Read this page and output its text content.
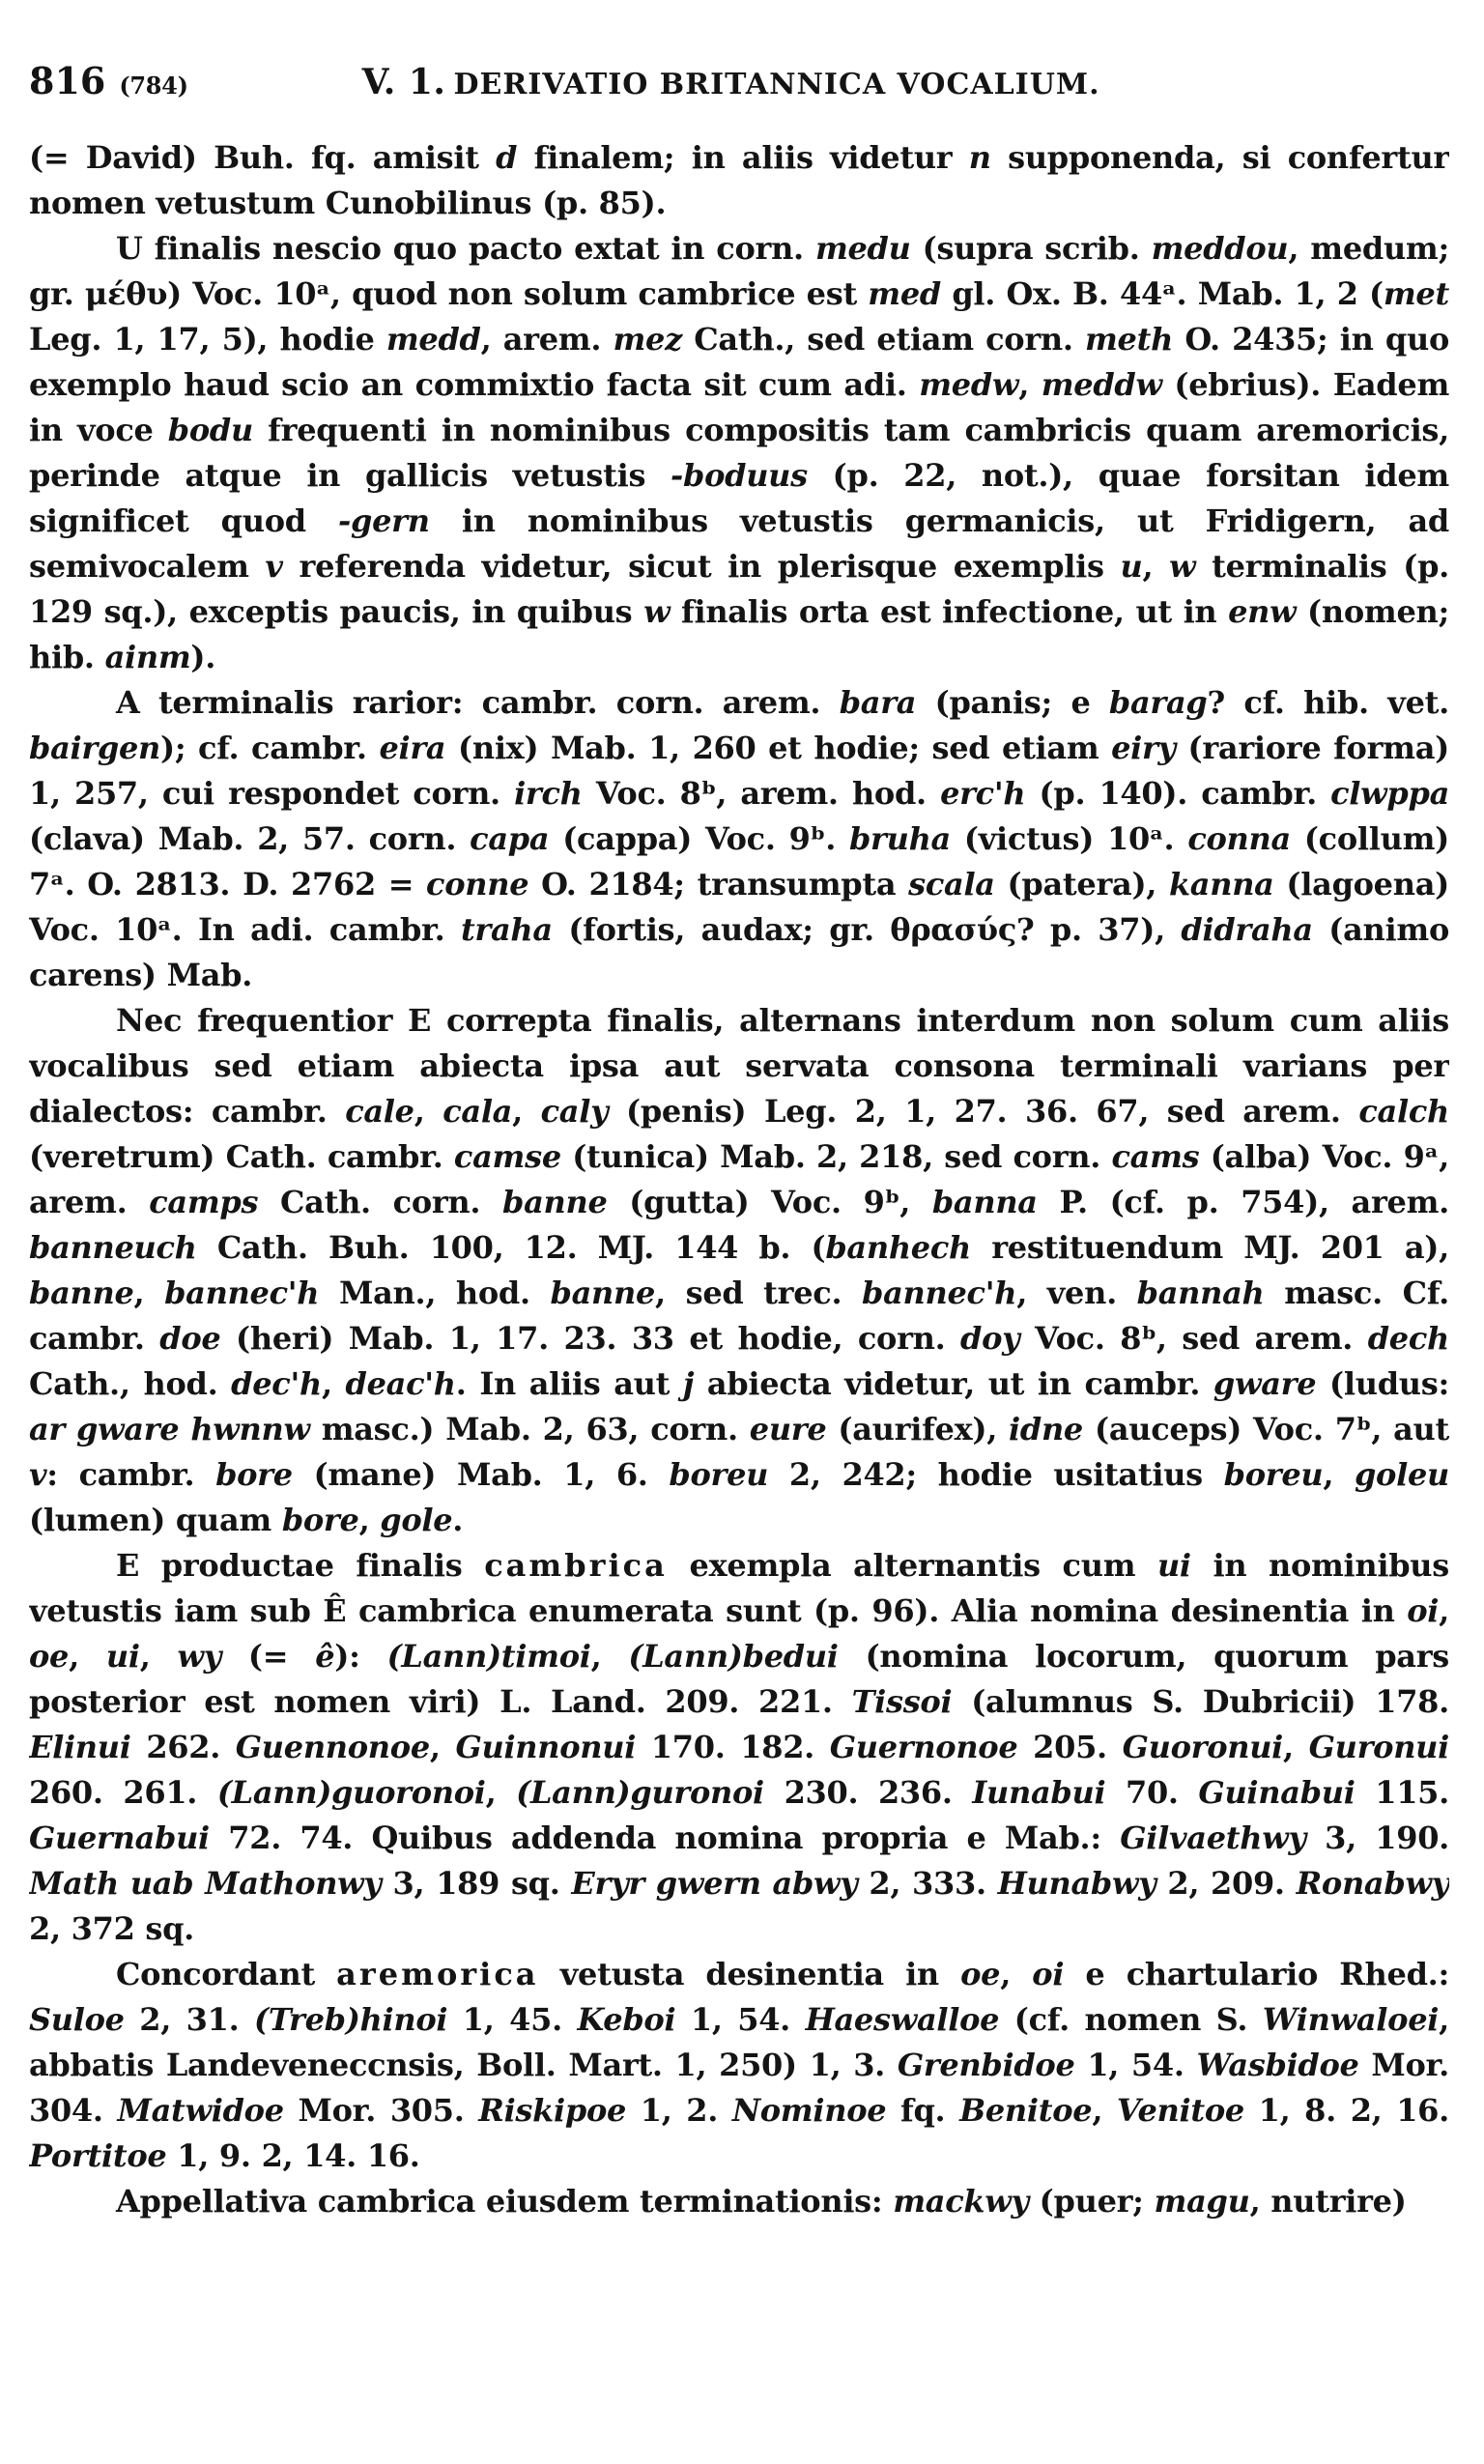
816 (784)	V. 1. DERIVATIO BRITANNICA VOCALIUM.

(= David) Buh. fq. amisit d finalem; in aliis videtur n supponenda, si confertur nomen vetustum Cunobilinus (p. 85).

U finalis nescio quo pacto extat in corn. medu (supra scrib. meddou, medum; gr. μέθυ) Voc. 10ᵃ, quod non solum cambrice est med gl. Ox. B. 44ᵃ. Mab. 1, 2 (met Leg. 1, 17, 5), hodie medd, arem. mez Cath., sed etiam corn. meth O. 2435; in quo exemplo haud scio an commixtio facta sit cum adi. medw, meddw (ebrius). Eadem in voce bodu frequenti in nominibus compositis tam cambricis quam aremoricis, perinde atque in gallicis vetustis -boduus (p. 22, not.), quae forsitan idem significet quod -gern in nominibus vetustis germanicis, ut Fridigern, ad semivocalem v referenda videtur, sicut in plerisque exemplis u, w terminalis (p. 129 sq.), exceptis paucis, in quibus w finalis orta est infectione, ut in enw (nomen; hib. ainm).

A terminalis rarior: cambr. corn. arem. bara (panis; e barag? cf. hib. vet. bairgen); cf. cambr. eira (nix) Mab. 1, 260 et hodie; sed etiam eiry (rariore forma) 1, 257, cui respondet corn. irch Voc. 8ᵇ, arem. hod. erc'h (p. 140). cambr. clwppa (clava) Mab. 2, 57. corn. capa (cappa) Voc. 9ᵇ. bruha (victus) 10ᵃ. conna (collum) 7ᵃ. O. 2813. D. 2762 = conne O. 2184; transumpta scala (patera), kanna (lagoena) Voc. 10ᵃ. In adi. cambr. traha (fortis, audax; gr. θρασύς? p. 37), didraha (animo carens) Mab.

Nec frequentior E correpta finalis, alternans interdum non solum cum aliis vocalibus sed etiam abiecta ipsa aut servata consona terminali varians per dialectos: cambr. cale, cala, caly (penis) Leg. 2, 1, 27. 36. 67, sed arem. calch (veretrum) Cath. cambr. camse (tunica) Mab. 2, 218, sed corn. cams (alba) Voc. 9ᵃ, arem. camps Cath. corn. banne (gutta) Voc. 9ᵇ, banna P. (cf. p. 754), arem. banneuch Cath. Buh. 100, 12. MJ. 144 b. (banhech restituendum MJ. 201 a), banne, bannec'h Man., hod. banne, sed trec. bannec'h, ven. bannah masc. Cf. cambr. doe (heri) Mab. 1, 17. 23. 33 et hodie, corn. doy Voc. 8ᵇ, sed arem. dech Cath., hod. dec'h, deac'h. In aliis aut j abiecta videtur, ut in cambr. gware (ludus: ar gware hwnnw masc.) Mab. 2, 63, corn. eure (aurifex), idne (auceps) Voc. 7ᵇ, aut v: cambr. bore (mane) Mab. 1, 6. boreu 2, 242; hodie usitatius boreu, goleu (lumen) quam bore, gole.

E productae finalis cambrica exempla alternantis cum ui in nominibus vetustis iam sub Ê cambrica enumerata sunt (p. 96). Alia nomina desinentia in oi, oe, ui, wy (= ê): (Lann)timoi, (Lann)bedui (nomina locorum, quorum pars posterior est nomen viri) L. Land. 209. 221. Tissoi (alumnus S. Dubricii) 178. Elinui 262. Guennonoe, Guinnonui 170. 182. Guernonoe 205. Guoronui, Guronui 260. 261. (Lann)guoronoi, (Lann)guronoi 230. 236. Iunabui 70. Guinabui 115. Guernabui 72. 74. Quibus addenda nomina propria e Mab.: Gilvaethwy 3, 190. Math uab Mathonwy 3, 189 sq. Eryr gwern abwy 2, 333. Hunabwy 2, 209. Ronabwy 2, 372 sq.

Concordant aremorica vetusta desinentia in oe, oi e chartulario Rhed.: Suloe 2, 31. (Treb)hinoi 1, 45. Keboi 1, 54. Haeswalloe (cf. nomen S. Winwaloei, abbatis Landeveneccnsis, Boll. Mart. 1, 250) 1, 3. Grenbidoe 1, 54. Wasbidoe Mor. 304. Matwidoe Mor. 305. Riskipoe 1, 2. Nominoe fq. Benitoe, Venitoe 1, 8. 2, 16. Portitoe 1, 9. 2, 14. 16.

Appellativa cambrica eiusdem terminationis: mackwy (puer; magu, nutrire)
